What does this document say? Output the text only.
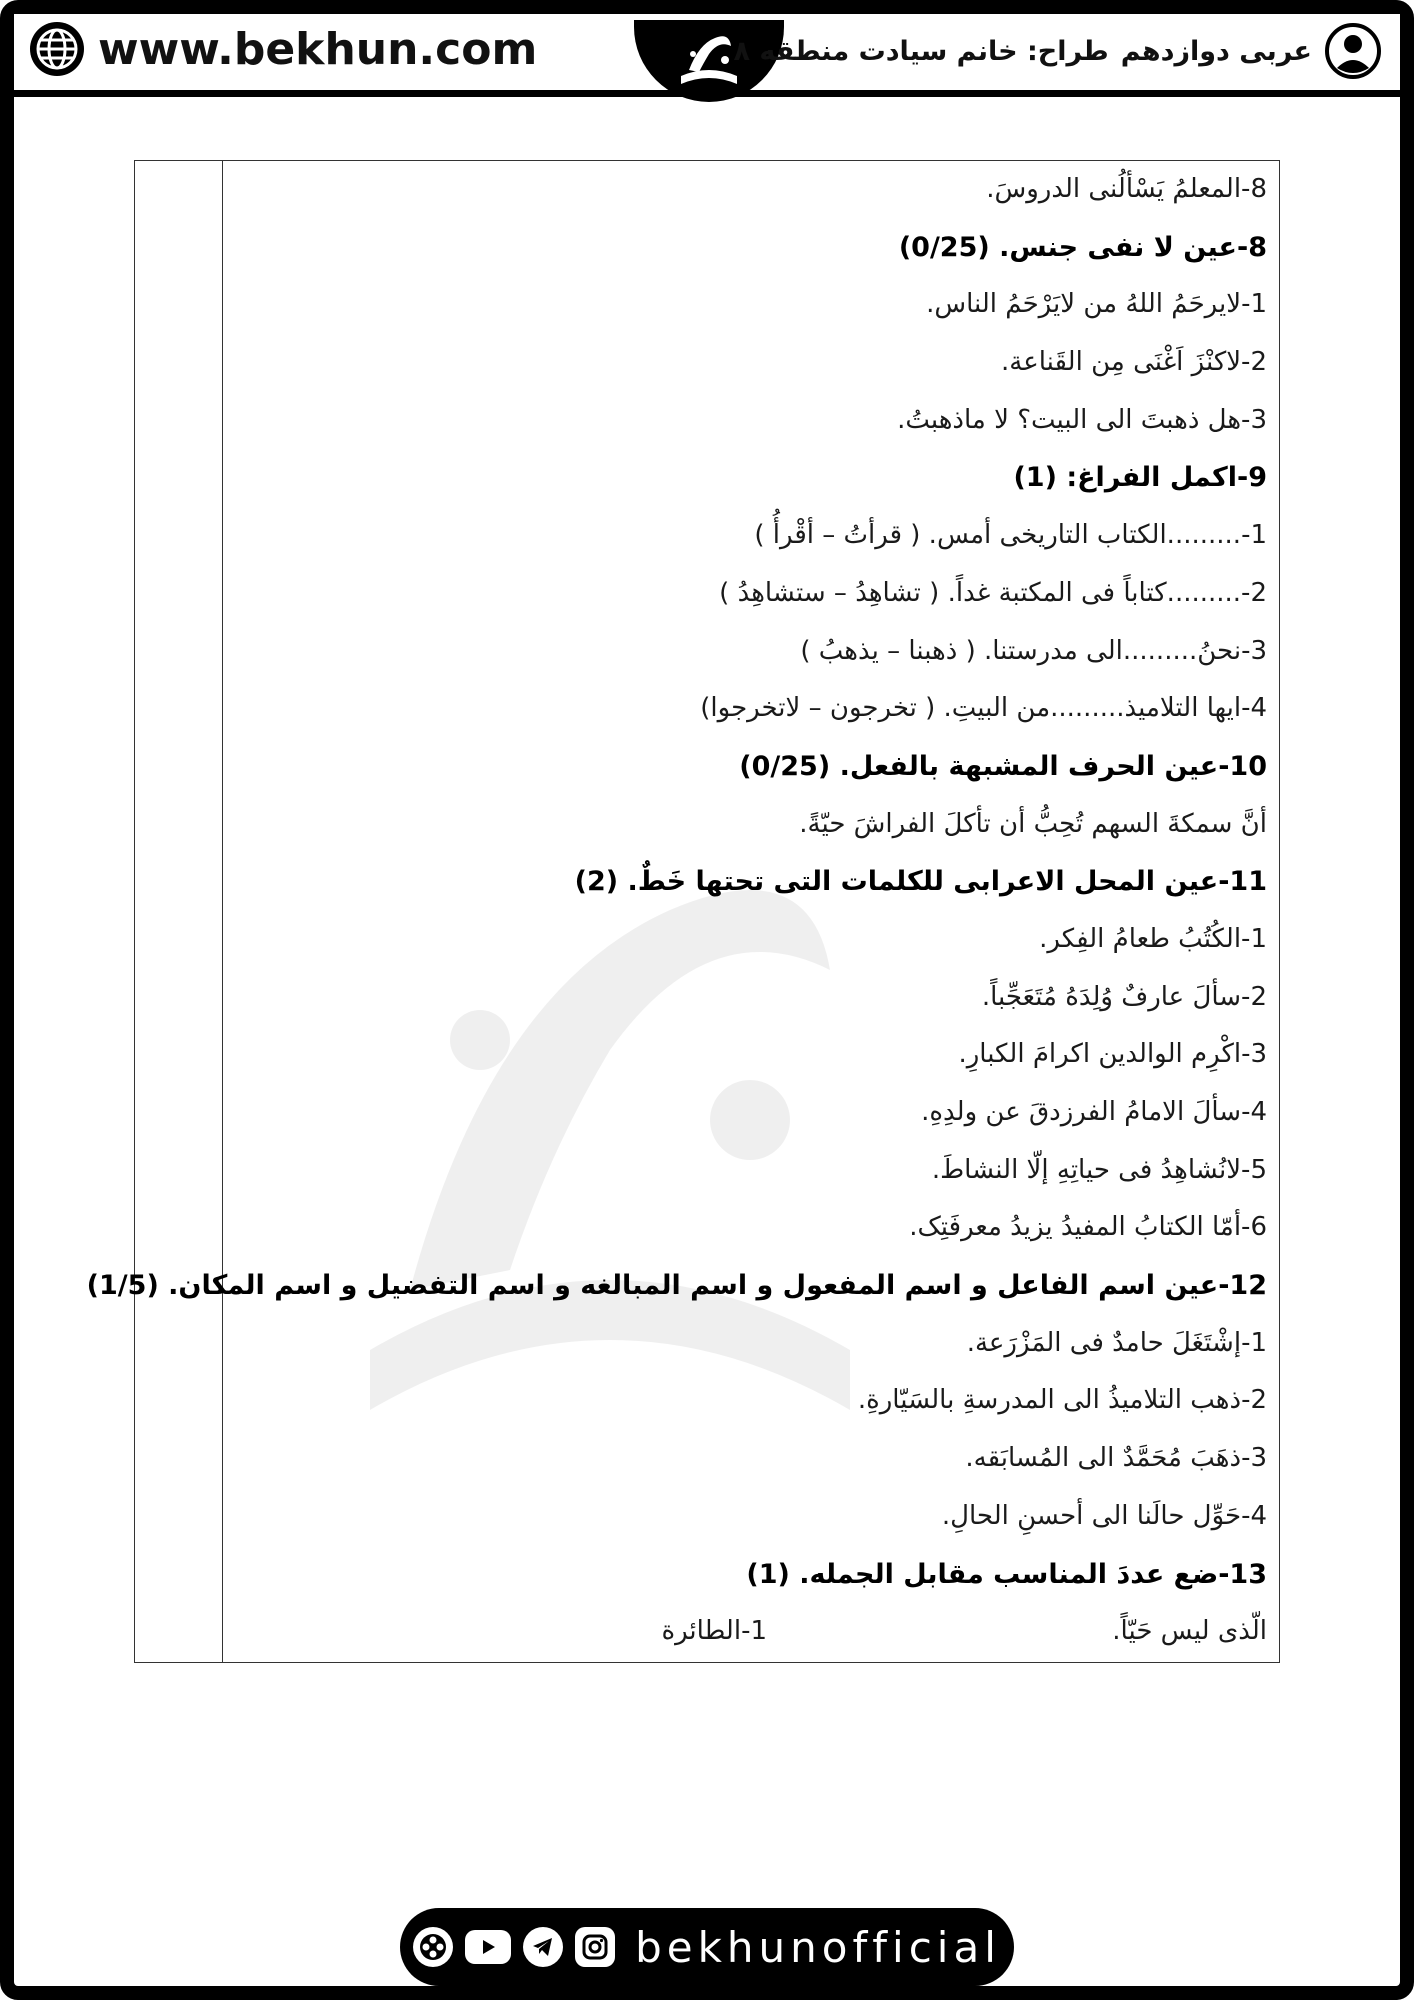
www.bekhun.com	عربی دوازدهم
طراح: خانم سیادت منطقه ۸
8-المعلمُ یَسْألُنی الدروسَ.
8-عین لا نفی جنس. (0/25)
1-لایرحَمُ اللهُ من لایَرْحَمُ الناس.
2-لاکنْزَ اَغْنَی مِن القَناعة.
3-هل ذهبتَ الی البیت؟ لا ماذهبتُ.
9-اکمل الفراغ: (1)
1-.........الکتاب التاریخی أمس. ( قرأتُ – أقْرأُ )
2-.........کتاباً فی المکتبة غداً. ( تشاهِدُ – ستشاهِدُ )
3-نحنُ.........الی مدرستنا. ( ذهبنا – یذهبُ )
4-ایها التلامیذ.........من البیتِ. ( تخرجون – لاتخرجوا)
10-عین الحرف المشبهة بالفعل. (0/25)
أنَّ سمکةَ السهم تُحِبُّ أن تأکلَ الفراشَ حیّةً.
11-عین المحل الاعرابی للکلمات التی تحتها خَطٌ. (2)
1-الکُتُبُ طعامُ الفِکر.
2-سألَ عارفٌ وُلِدَهُ مُتَعَجِّباً.
3-اکْرِم الوالدین اکرامَ الکبارِ.
4-سألَ الامامُ الفرزدقَ عن ولدِهِ.
5-لانُشاهِدُ فی حیاتِهِ إلّا النشاطَ.
6-أمّا الکتابُ المفیدُ یزیدُ معرفَتِک.
12-عین اسم الفاعل و اسم المفعول و اسم المبالغه و اسم التفضیل و اسم المکان. (1/5)
1-إشْتَغَلَ حامدٌ فی المَزْرَعة.
2-ذهب التلامیذُ الی المدرسةِ بالسَیّارةِ.
3-ذهَبَ مُحَمَّدٌ الی المُسابَقه.
4-حَوِّل حالَنا الی أحسنِ الحالِ.
13-ضع عددَ المناسب مقابل الجمله. (1)
الّذی لیس حَیّاً.
1-الطائرة
bekhunofficial
